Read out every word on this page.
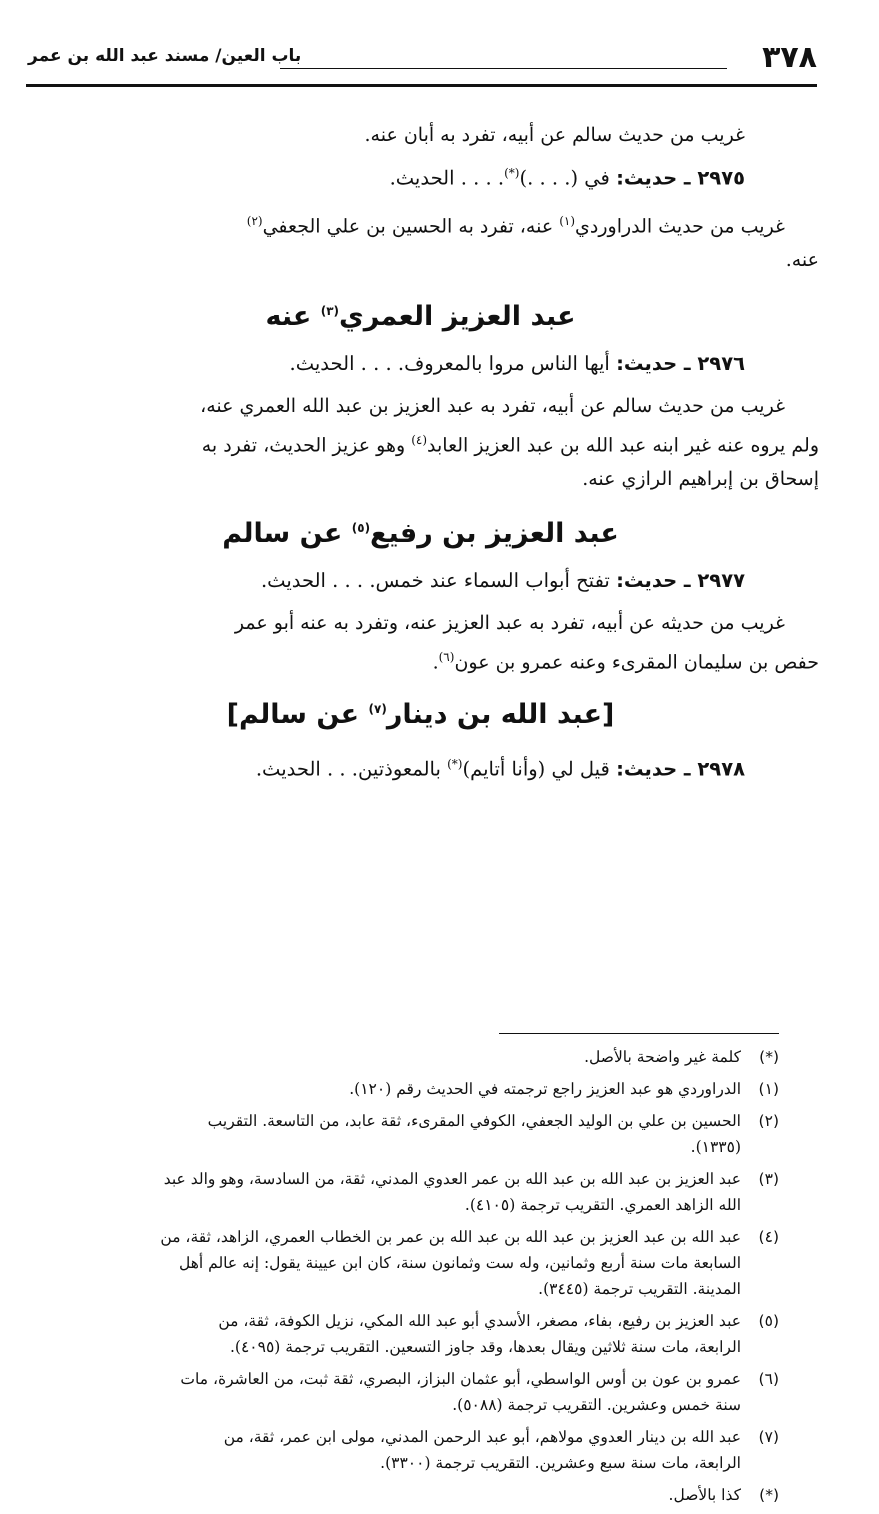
٣٧٨
باب العين/ مسند عبد الله بن عمر
غريب من حديث سالم عن أبيه، تفرد به أبان عنه.
٢٩٧٥ ـ حديث: في (. . . .)(*). . . . الحديث.
غريب من حديث الدراوردي$^{(١)}$ عنه، تفرد به الحسين بن علي الجعفي$^{(٢)}$
عنه.
عبد العزيز العمري$^{(٣)}$ عنه
٢٩٧٦ ـ حديث: أيها الناس مروا بالمعروف. . . . الحديث.
غريب من حديث سالم عن أبيه، تفرد به عبد العزيز بن عبد الله العمري عنه،
ولم يروه عنه غير ابنه عبد الله بن عبد العزيز العابد$^{(٤)}$ وهو عزيز الحديث، تفرد به
إسحاق بن إبراهيم الرازي عنه.
عبد العزيز بن رفيع$^{(٥)}$ عن سالم
٢٩٧٧ ـ حديث: تفتح أبواب السماء عند خمس. . . . الحديث.
غريب من حديثه عن أبيه، تفرد به عبد العزيز عنه، وتفرد به عنه أبو عمر
حفص بن سليمان المقرىء وعنه عمرو بن عون$^{(٦)}$.
[عبد الله بن دينار$^{(٧)}$ عن سالم]
٢٩٧٨ ـ حديث: قيل لي (وأنا أتايم)(*) بالمعوذتين. . . الحديث.
(*)
كلمة غير واضحة بالأصل.
(١)
الدراوردي هو عبد العزيز راجع ترجمته في الحديث رقم (١٢٠).
(٢)
الحسين بن علي بن الوليد الجعفي، الكوفي المقرىء، ثقة عابد، من التاسعة. التقريب
(١٣٣٥).
(٣)
عبد العزيز بن عبد الله بن عبد الله بن عمر العدوي المدني، ثقة، من السادسة، وهو والد عبد
الله الزاهد العمري. التقريب ترجمة (٤١٠٥).
(٤)
عبد الله بن عبد العزيز بن عبد الله بن عبد الله بن عمر بن الخطاب العمري، الزاهد، ثقة، من
السابعة مات سنة أربع وثمانين، وله ست وثمانون سنة، كان ابن عيينة يقول: إنه عالم أهل
المدينة. التقريب ترجمة (٣٤٤٥).
(٥)
عبد العزيز بن رفيع، بفاء، مصغر، الأسدي أبو عبد الله المكي، نزيل الكوفة، ثقة، من
الرابعة، مات سنة ثلاثين ويقال بعدها، وقد جاوز التسعين. التقريب ترجمة (٤٠٩٥).
(٦)
عمرو بن عون بن أوس الواسطي، أبو عثمان البزاز، البصري، ثقة ثبت، من العاشرة، مات
سنة خمس وعشرين. التقريب ترجمة (٥٠٨٨).
(٧)
عبد الله بن دينار العدوي مولاهم، أبو عبد الرحمن المدني، مولى ابن عمر، ثقة، من
الرابعة، مات سنة سبع وعشرين. التقريب ترجمة (٣٣٠٠).
(*)
كذا بالأصل.
